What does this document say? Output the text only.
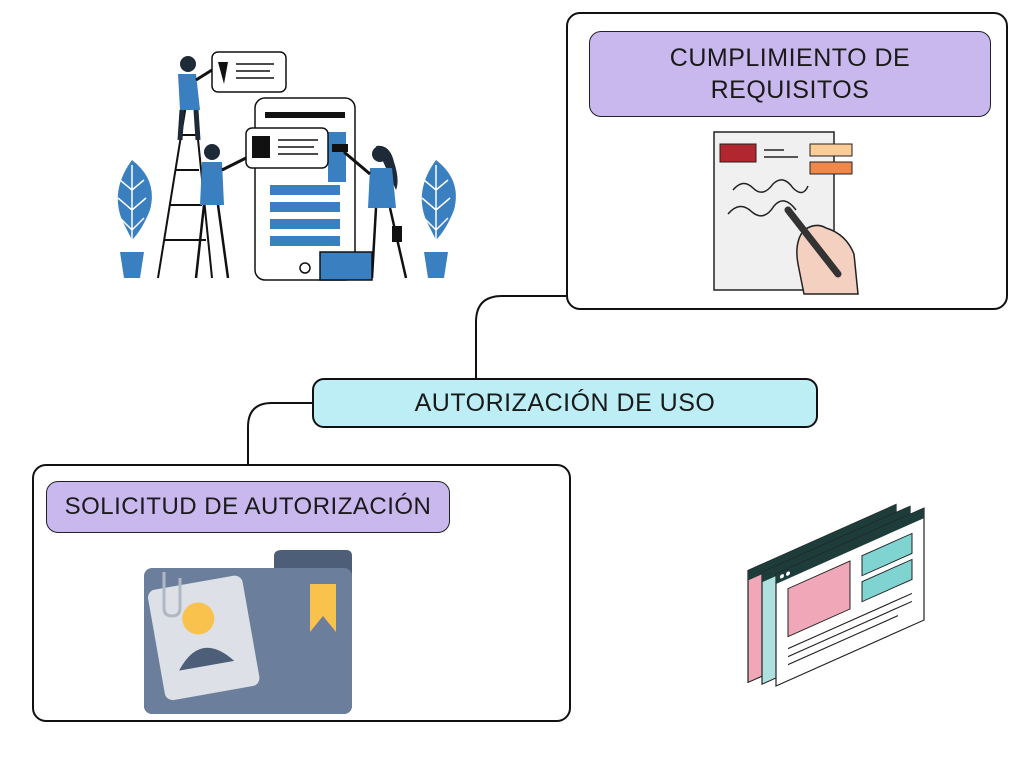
CUMPLIMIENTO DE REQUISITOS
AUTORIZACIÓN DE USO
SOLICITUD DE AUTORIZACIÓN
